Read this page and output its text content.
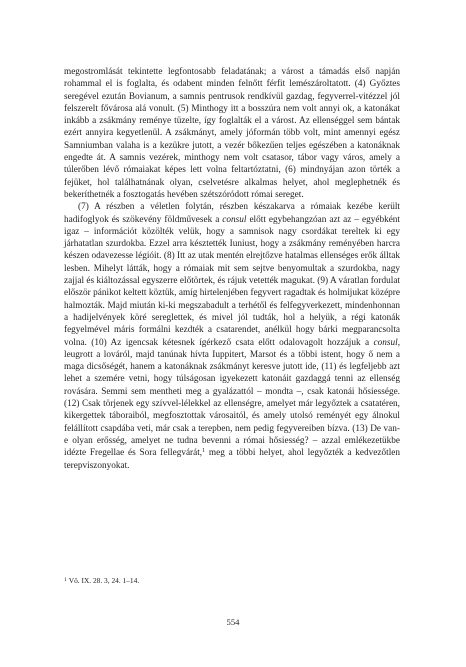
megostromlását tekintette legfontosabb feladatának; a várost a támadás első napján rohammal el is foglalta, és odabent minden felnőtt férfit lemészároltatott. (4) Győztes seregével ezután Bovianum, a samnis pentrusok rendkívül gazdag, fegyverrel-vitézzel jól felszerelt fővárosa alá vonult. (5) Minthogy itt a bosszúra nem volt annyi ok, a katonákat inkább a zsákmány reménye tüzelte, így foglalták el a várost. Az ellenséggel sem bántak ezért annyira kegyetlenül. A zsákmányt, amely jóformán több volt, mint amennyi egész Samniumban valaha is a kezükre jutott, a vezér bőkezűen teljes egészében a katonáknak engedte át. A samnis vezérek, minthogy nem volt csatasor, tábor vagy város, amely a túlerőben lévő rómaiakat képes lett volna feltartóztatni, (6) mindnyájan azon törték a fejüket, hol találhatnának olyan, cselvetésre alkalmas helyet, ahol meglephetnék és bekeríthetnék a fosztogatás hevében szétszóródott római sereget.

(7) A részben a véletlen folytán, részben készakarva a rómaiak kezébe került hadifoglyok és szökevény földművesek a consul előtt egybehangzóan azt az – egyébként igaz – információt közölték velük, hogy a samnisok nagy csordákat tereltek ki egy járhatatlan szurdokba. Ezzel arra késztették Iuniust, hogy a zsákmány reményében harcra készen odavezesse légióit. (8) Itt az utak mentén elrejtőzve hatalmas ellenséges erők álltak lesben. Mihelyt látták, hogy a rómaiak mit sem sejtve benyomultak a szurdokba, nagy zajjal és kiáltozással egyszerre előtörtek, és rájuk vetették magukat. (9) A váratlan fordulat először pánikot keltett köztük, amíg hirtelenjében fegyvert ragadtak és holmijukat középre halmozták. Majd miután ki-ki megszabadult a terhétől és felfegyverkezett, mindenhonnan a hadijelvények köré sereglettek, és mivel jól tudták, hol a helyük, a régi katonák fegyelmével máris formálni kezdték a csatarendet, anélkül hogy bárki megparancsolta volna. (10) Az igencsak kétesnek ígérkező csata előtt odalovagolt hozzájuk a consul, leugrott a lováról, majd tanúnak hívta Iuppitert, Marsot és a többi istent, hogy ő nem a maga dicsőségét, hanem a katonáknak zsákmányt keresve jutott ide, (11) és legfeljebb azt lehet a szemére vetni, hogy túlságosan igyekezett katonáit gazdaggá tenni az ellenség rovására. Semmi sem mentheti meg a gyalázattól – mondta –, csak katonái hősiessége. (12) Csak törjenek egy szívvel-lélekkel az ellenségre, amelyet már legyőztek a csatatéren, kikergettek táboraiból, megfosztottak városaitól, és amely utolsó reményét egy álnokul felállított csapdába veti, már csak a terepben, nem pedig fegyvereiben bízva. (13) De van-e olyan erősség, amelyet ne tudna bevenni a római hősiesség? – azzal emlékezetükbe idézte Fregellae és Sora fellegvárát,$^1$ meg a többi helyet, ahol legyőzték a kedvezőtlen terepviszonyokat.

$^1$ Vö. IX. 28. 3, 24. 1–14.
554
